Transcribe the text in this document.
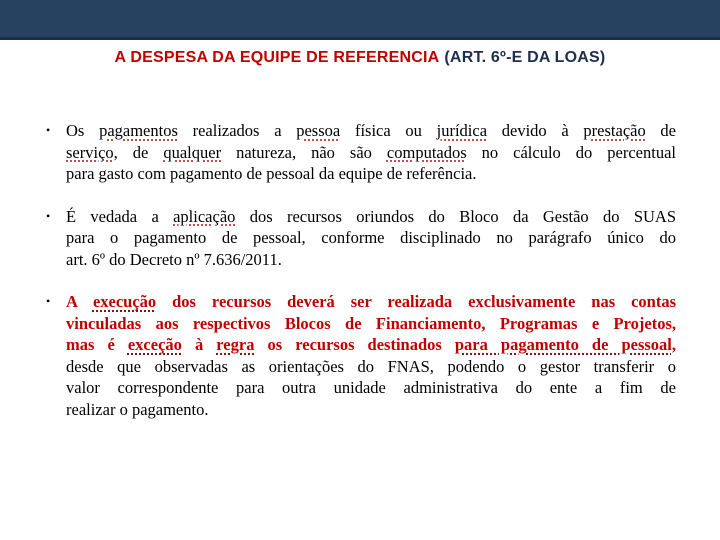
A DESPESA DA EQUIPE DE REFERENCIA (ART. 6º-E DA LOAS)
• Os pagamentos realizados a pessoa física ou jurídica devido à prestação de
serviço, de qualquer natureza, não são computados no cálculo do percentual
para gasto com pagamento de pessoal da equipe de referência.
• É vedada a aplicação dos recursos oriundos do Bloco da Gestão do SUAS
para o pagamento de pessoal, conforme disciplinado no parágrafo único do
art. 6º do Decreto nº 7.636/2011.
• A execução dos recursos deverá ser realizada exclusivamente nas contas
vinculadas aos respectivos Blocos de Financiamento, Programas e Projetos,
mas é exceção à regra os recursos destinados para pagamento de pessoal,
desde que observadas as orientações do FNAS, podendo o gestor transferir o
valor correspondente para outra unidade administrativa do ente a fim de
realizar o pagamento.
